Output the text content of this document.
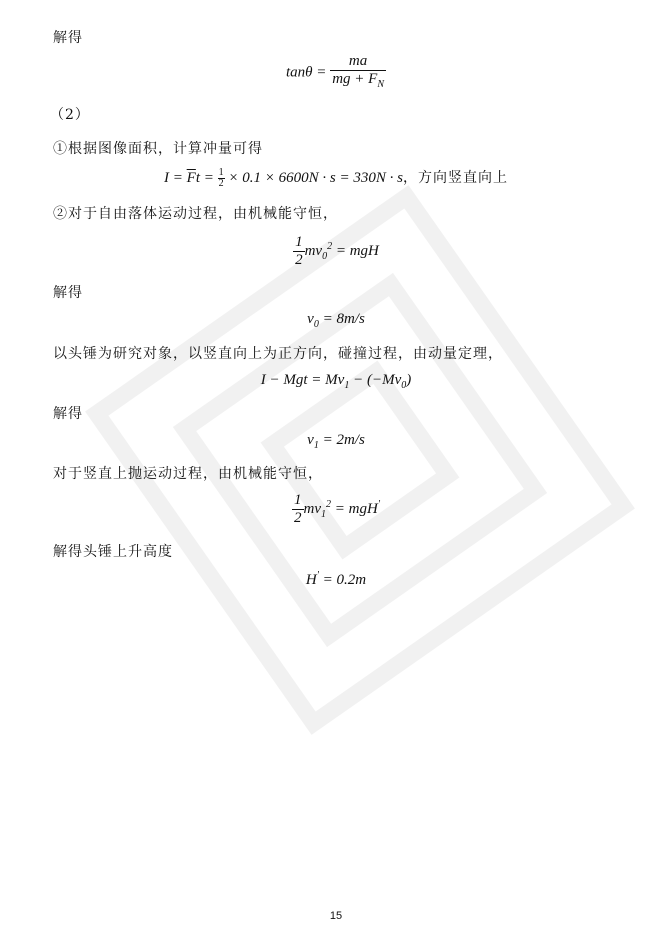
解得
$\tan\theta = \frac{ma}{mg + F_N}$
（2）
①根据图像面积，计算冲量可得
$I = \overline{F}t = \frac{1}{2} \times 0.1 \times 6600N \cdot s = 330N \cdot s$，方向竖直向上
②对于自由落体运动过程，由机械能守恒，
$\frac{1}{2} mv_0^2$ = mgH
解得
$v_0 = 8m/s$
以头锤为研究对象，以竖直向上为正方向，碰撞过程，由动量定理，
I − Mgt = $Mv_1 - (-Mv_0)$
解得
$v_1 = 2m/s$
对于竖直上抛运动过程，由机械能守恒，
$\frac{1}{2} mv_1^2 = mgH'$
解得头锤上升高度
H' = 0.2m
15
